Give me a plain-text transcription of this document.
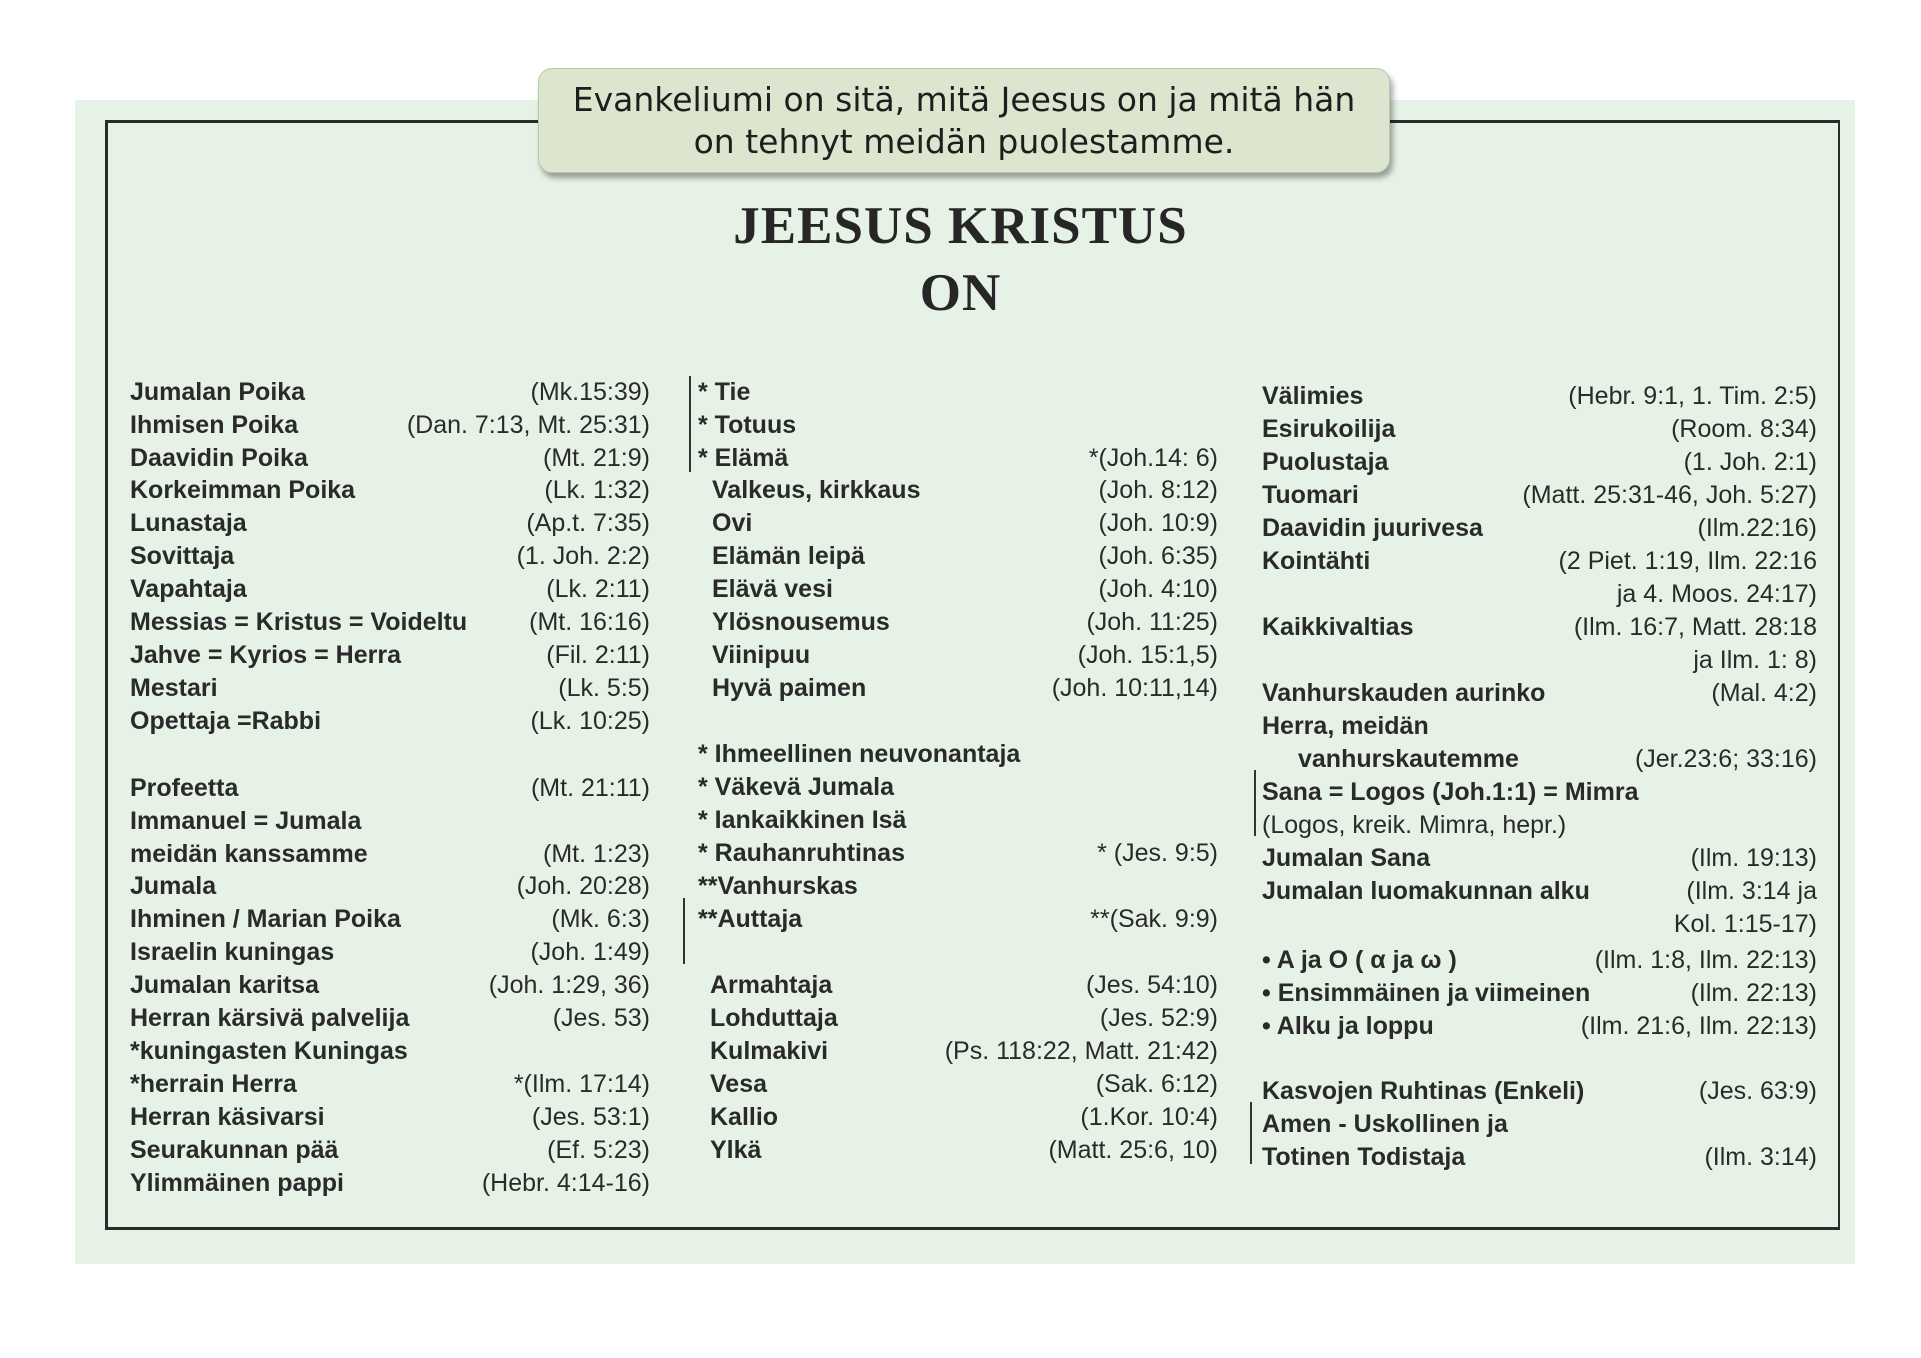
Evankeliumi on sitä, mitä Jeesus on ja mitä hän
on tehnyt meidän puolestamme.
JEESUS KRISTUS
ON
Jumalan Poika	(Mk.15:39)
Ihmisen Poika	(Dan. 7:13, Mt. 25:31)
Daavidin Poika	(Mt. 21:9)
Korkeimman Poika	(Lk. 1:32)
Lunastaja	(Ap.t. 7:35)
Sovittaja	(1. Joh. 2:2)
Vapahtaja	(Lk. 2:11)
Messias = Kristus = Voideltu (Mt. 16:16)
Jahve = Kyrios = Herra	(Fil. 2:11)
Mestari	(Lk. 5:5)
Opettaja =Rabbi	(Lk. 10:25)
Profeetta	(Mt. 21:11)
Immanuel = Jumala
meidän kanssamme	(Mt. 1:23)
Jumala	(Joh. 20:28)
Ihminen / Marian Poika	(Mk. 6:3)
Israelin kuningas	(Joh. 1:49)
Jumalan karitsa	(Joh. 1:29, 36)
Herran kärsivä palvelija	(Jes. 53)
*kuningasten Kuningas
*herrain Herra	*(Ilm. 17:14)
Herran käsivarsi	(Jes. 53:1)
Seurakunnan pää	(Ef. 5:23)
Ylimmäinen pappi	(Hebr. 4:14-16)
* Tie
* Totuus
* Elämä	*(Joh.14: 6)
Valkeus, kirkkaus	(Joh. 8:12)
Ovi	(Joh. 10:9)
Elämän leipä	(Joh. 6:35)
Elävä vesi	(Joh. 4:10)
Ylösnousemus	(Joh. 11:25)
Viinipuu	(Joh. 15:1,5)
Hyvä paimen	(Joh. 10:11,14)
* Ihmeellinen neuvonantaja
* Väkevä Jumala
* Iankaikkinen Isä
* Rauhanruhtinas	* (Jes. 9:5)
**Vanhurskas
**Auttaja	**(Sak. 9:9)
Armahtaja	(Jes. 54:10)
Lohduttaja	(Jes. 52:9)
Kulmakivi	(Ps. 118:22, Matt. 21:42)
Vesa	(Sak. 6:12)
Kallio	(1.Kor. 10:4)
Ylkä	(Matt. 25:6, 10)
Välimies	(Hebr. 9:1, 1. Tim. 2:5)
Esirukoilija	(Room. 8:34)
Puolustaja	(1. Joh. 2:1)
Tuomari	(Matt. 25:31-46, Joh. 5:27)
Daavidin juurivesa	(Ilm.22:16)
Kointähti	(2 Piet. 1:19, Ilm. 22:16
ja 4. Moos. 24:17)
Kaikkivaltias	(Ilm. 16:7, Matt. 28:18
ja Ilm. 1: 8)
Vanhurskauden aurinko	(Mal. 4:2)
Herra, meidän
vanhurskautemme	(Jer.23:6; 33:16)
Sana = Logos (Joh.1:1) = Mimra
(Logos, kreik. Mimra, hepr.)
Jumalan Sana	(Ilm. 19:13)
Jumalan luomakunnan alku	(Ilm. 3:14 ja
Kol. 1:15-17)
• A ja O ( α ja ω )	(Ilm. 1:8, Ilm. 22:13)
• Ensimmäinen ja viimeinen	(Ilm. 22:13)
• Alku ja loppu	(Ilm. 21:6, Ilm. 22:13)
Kasvojen Ruhtinas (Enkeli)	(Jes. 63:9)
Amen - Uskollinen ja
Totinen Todistaja	(Ilm. 3:14)
